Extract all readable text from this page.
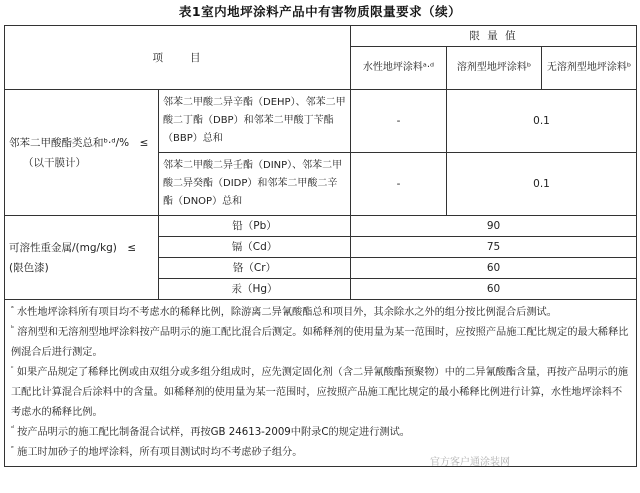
表1室内地坪涂料产品中有害物质限量要求（续）
项　　目		限 量 值		
		水性地坪涂料ᵃ·ᵈ	溶剂型地坪涂料ᵇ	无溶剂型地坪涂料ᵇ

邻苯二甲酸酯类总和ᵇ·ᵈ/%　≤
（以干膜计）	邻苯二甲酸二异辛酯（DEHP）、邻苯二甲酸二丁酯（DBP）和邻苯二甲酸丁苄酯（BBP）总和	-	0.1	
	邻苯二甲酸二异壬酯（DINP）、邻苯二甲酸二异癸酯（DIDP）和邻苯二甲酸二辛酯（DNOP）总和	-	0.1	

可溶性重金属/(mg/kg)　≤
(限色漆)	铅（Pb）	90		
	镉（Cd）	75		
	铬（Cr）	60		
	汞（Hg）	60		

$^ᵃ$ 水性地坪涂料所有项目均不考虑水的稀释比例，除游离二异氰酸酯总和项目外，其余除水之外的组分按比例混合后测试。
$^ᵇ$ 溶剂型和无溶剂型地坪涂料按产品明示的施工配比混合后测定。如稀释剂的使用量为某一范围时，应按照产品施工配比规定的最大稀释比例混合后进行测定。
$^ᶜ$ 如果产品规定了稀释比例或由双组分或多组分组成时，应先测定固化剂（含二异氰酸酯预聚物）中的二异氰酸酯含量，再按产品明示的施工配比计算混合后涂料中的含量。如稀释剂的使用量为某一范围时，应按照产品施工配比规定的最小稀释比例进行计算，水性地坪涂料不考虑水的稀释比例。
$^ᵈ$ 按产品明示的施工配比制备混合试样，再按GB 24613-2009中附录C的规定进行测试。
$^ᵉ$ 施工时加砂子的地坪涂料，所有项目测试时均不考虑砂子组分。				
官方客户通涂装网
